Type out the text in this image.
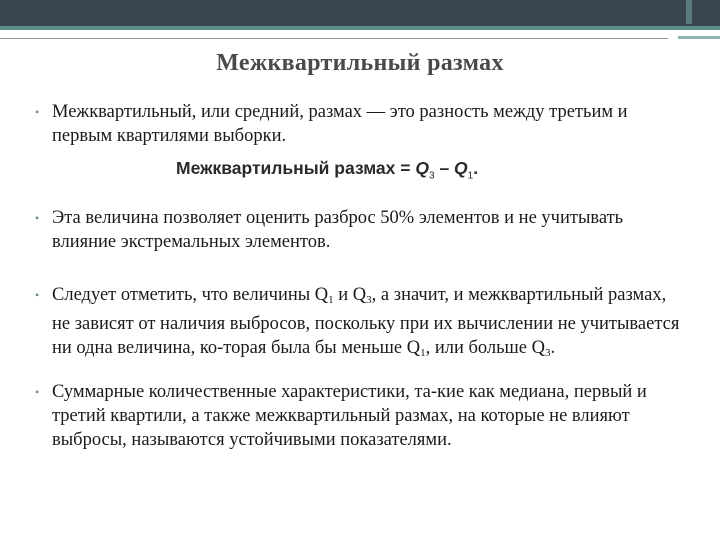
Межквартильный размах
• Межквартильный, или средний, размах — это разность между третьим и первым квартилями выборки.
Межквартильный размах = $Q_3 - Q_1$.
• Эта величина позволяет оценить разброс 50% элементов и не учитывать влияние экстремальных элементов.
• Следует отметить, что величины $Q_1$ и $Q_3$, а значит, и межквартильный размах, не зависят от наличия выбросов, поскольку при их вычислении не учитывается ни одна величина, ко-торая была бы меньше $Q_1$, или больше $Q_3$.
• Суммарные количественные характеристики, та-кие как медиана, первый и третий квартили, а также межквартильный размах, на которые не влияют выбросы, называются устойчивыми показателями.
